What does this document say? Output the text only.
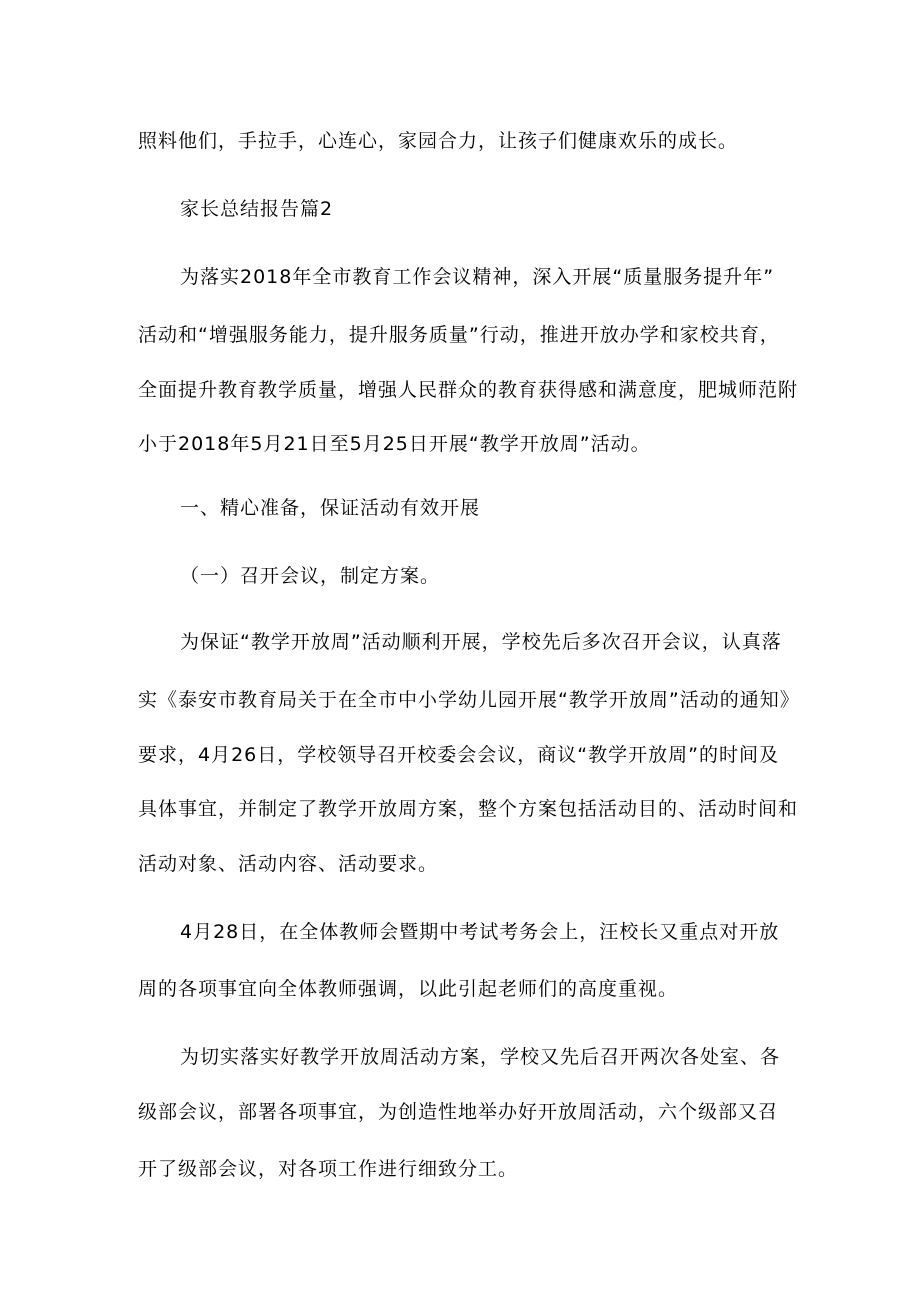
照料他们，手拉手，心连心，家园合力，让孩子们健康欢乐的成长。
家长总结报告篇2
为落实2018年全市教育工作会议精神，深入开展“质量服务提升年”
活动和“增强服务能力，提升服务质量”行动，推进开放办学和家校共育，
全面提升教育教学质量，增强人民群众的教育获得感和满意度，肥城师范附
小于2018年5月21日至5月25日开展“教学开放周”活动。
一、精心准备，保证活动有效开展
（一）召开会议，制定方案。
为保证“教学开放周”活动顺利开展，学校先后多次召开会议，认真落
实《泰安市教育局关于在全市中小学幼儿园开展“教学开放周”活动的通知》
要求，4月26日，学校领导召开校委会会议，商议“教学开放周”的时间及
具体事宜，并制定了教学开放周方案，整个方案包括活动目的、活动时间和
活动对象、活动内容、活动要求。
4月28日，在全体教师会暨期中考试考务会上，汪校长又重点对开放
周的各项事宜向全体教师强调，以此引起老师们的高度重视。
为切实落实好教学开放周活动方案，学校又先后召开两次各处室、各
级部会议，部署各项事宜，为创造性地举办好开放周活动，六个级部又召
开了级部会议，对各项工作进行细致分工。
